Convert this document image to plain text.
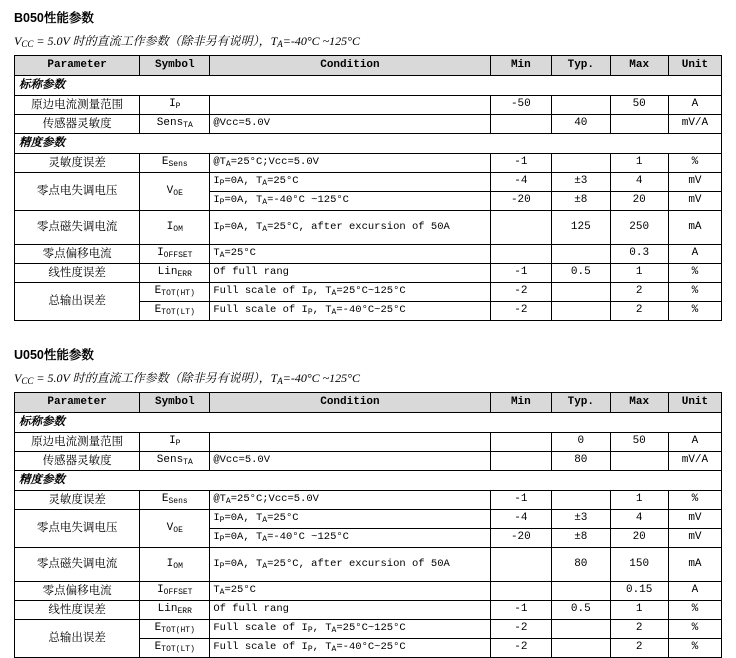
B050性能参数
$V_{CC} = 5.0V$ 时的直流工作参数（除非另有说明），$T_A=-40^\circ C$ ~125°C
Parameter	Symbol	Condition	Min	Typ.	Max	Unit
标称参数						
原边电流测量范围	$I_P$		-50		50	A
传感器灵敏度	Sens$_{TA}$	@Vcc=5.0V		40		mV/A
精度参数						
灵敏度误差	$E_{Sens}$	$@T_A=25^\circ C;Vcc=5.0V$	-1		1	%
零点电失调电压	$V_{OE}$	$I_P=0A$, $T_A=25^\circ C$	-4	±3	4	mV
		$I_P=0A$, $T_A=-40^\circ C$ ~125°C	-20	±8	20	mV
零点磁失调电流	$I_{OM}$	$I_P=0A$, $T_A=25^\circ C$, after excursion of 50A		125	250	mA
零点偏移电流	$I_{OFFSET}$	$T_A=25^\circ C$			0.3	A
线性度误差	Lin$_{ERR}$	Of full rang	-1	0.5	1	%
总输出误差	$E_{TOT(HT)}$	Full scale of $I_P$, $T_A=25^\circ C\sim 125^\circ C$	-2		2	%
	$E_{TOT(LT)}$	Full scale of $I_P$, $T_A=-40^\circ C\sim 25^\circ C$	-2		2	%
U050性能参数
$V_{CC} = 5.0V$ 时的直流工作参数（除非另有说明），$T_A=-40^\circ C$ ~125°C
Parameter	Symbol	Condition	Min	Typ.	Max	Unit
标称参数						
原边电流测量范围	$I_P$			0	50	A
传感器灵敏度	Sens$_{TA}$	@Vcc=5.0V		80		mV/A
精度参数						
灵敏度误差	$E_{Sens}$	$@T_A=25^\circ C;Vcc=5.0V$	-1		1	%
零点电失调电压	$V_{OE}$	$I_P=0A$, $T_A=25^\circ C$	-4	±3	4	mV
		$I_P=0A$, $T_A=-40^\circ C$ ~125°C	-20	±8	20	mV
零点磁失调电流	$I_{OM}$	$I_P=0A$, $T_A=25^\circ C$, after excursion of 50A		80	150	mA
零点偏移电流	$I_{OFFSET}$	$T_A=25^\circ C$			0.15	A
线性度误差	Lin$_{ERR}$	Of full rang	-1	0.5	1	%
总输出误差	$E_{TOT(HT)}$	Full scale of $I_P$, $T_A=25^\circ C\sim 125^\circ C$	-2		2	%
	$E_{TOT(LT)}$	Full scale of $I_P$, $T_A=-40^\circ C\sim 25^\circ C$	-2		2	%
